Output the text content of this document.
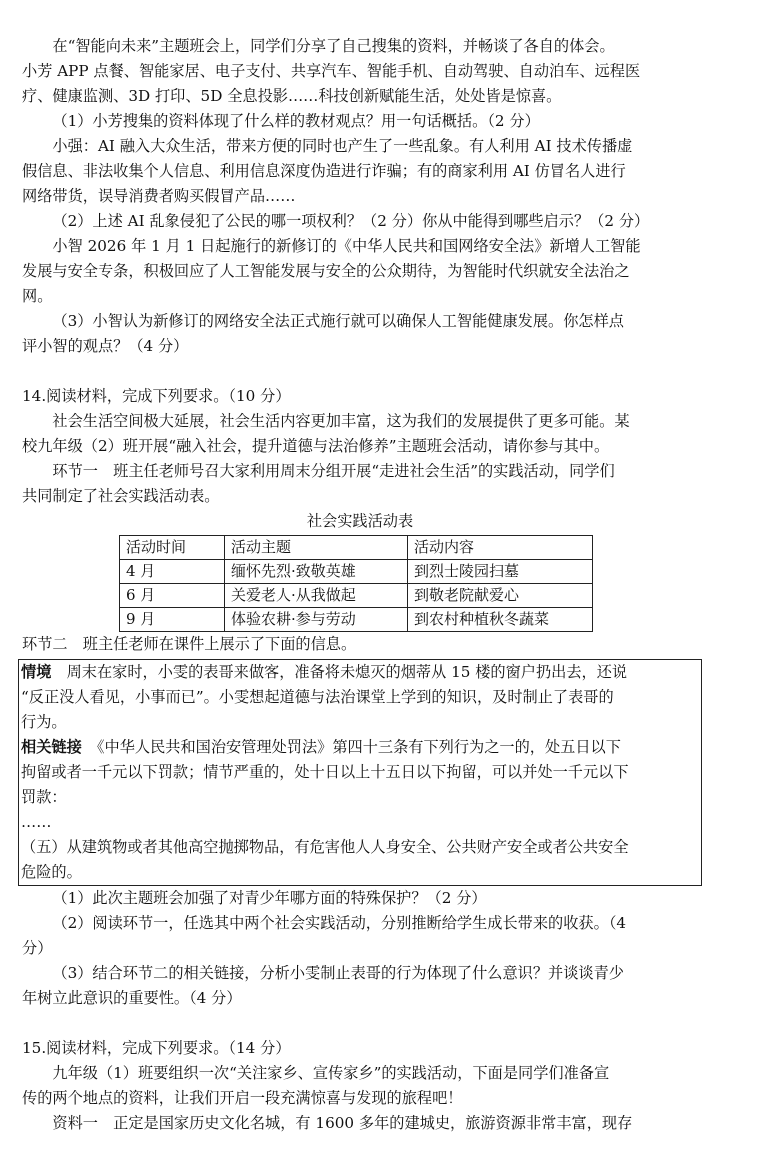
在“智能向未来”主题班会上，同学们分享了自己搜集的资料，并畅谈了各自的体会。

小芳 APP 点餐、智能家居、电子支付、共享汽车、智能手机、自动驾驶、自动泊车、远程医

疗、健康监测、3D 打印、5D 全息投影……科技创新赋能生活，处处皆是惊喜。

（1）小芳搜集的资料体现了什么样的教材观点？用一句话概括。（2 分）

小强：AI 融入大众生活，带来方便的同时也产生了一些乱象。有人利用 AI 技术传播虚

假信息、非法收集个人信息、利用信息深度伪造进行诈骗；有的商家利用 AI 仿冒名人进行

网络带货，误导消费者购买假冒产品……

（2）上述 AI 乱象侵犯了公民的哪一项权利？（2 分）你从中能得到哪些启示？（2 分）

小智 2026 年 1 月 1 日起施行的新修订的《中华人民共和国网络安全法》新增人工智能

发展与安全专条，积极回应了人工智能发展与安全的公众期待，为智能时代织就安全法治之

网。

（3）小智认为新修订的网络安全法正式施行就可以确保人工智能健康发展。你怎样点

评小智的观点？（4 分）

14.阅读材料，完成下列要求。（10 分）

社会生活空间极大延展，社会生活内容更加丰富，这为我们的发展提供了更多可能。某

校九年级（2）班开展“融入社会，提升道德与法治修养”主题班会活动，请你参与其中。

环节一　班主任老师号召大家利用周末分组开展“走进社会生活”的实践活动，同学们

共同制定了社会实践活动表。

社会实践活动表

活动时间	活动主题	活动内容
4 月	缅怀先烈·致敬英雄	到烈士陵园扫墓
6 月	关爱老人·从我做起	到敬老院献爱心
9 月	体验农耕·参与劳动	到农村种植秋冬蔬菜

环节二　班主任老师在课件上展示了下面的信息。

情境　周末在家时，小雯的表哥来做客，准备将未熄灭的烟蒂从 15 楼的窗户扔出去，还说

“反正没人看见，小事而已”。小雯想起道德与法治课堂上学到的知识，及时制止了表哥的

行为。

相关链接　《中华人民共和国治安管理处罚法》第四十三条有下列行为之一的，处五日以下

拘留或者一千元以下罚款；情节严重的，处十日以上十五日以下拘留，可以并处一千元以下

罚款：

……

（五）从建筑物或者其他高空抛掷物品，有危害他人人身安全、公共财产安全或者公共安全

危险的。

（1）此次主题班会加强了对青少年哪方面的特殊保护？（2 分）

（2）阅读环节一，任选其中两个社会实践活动，分别推断给学生成长带来的收获。（4

分）

（3）结合环节二的相关链接，分析小雯制止表哥的行为体现了什么意识？并谈谈青少

年树立此意识的重要性。（4 分）

15.阅读材料，完成下列要求。（14 分）

九年级（1）班要组织一次“关注家乡、宣传家乡”的实践活动，下面是同学们准备宣

传的两个地点的资料，让我们开启一段充满惊喜与发现的旅程吧！

资料一　正定是国家历史文化名城，有 1600 多年的建城史，旅游资源非常丰富，现存
